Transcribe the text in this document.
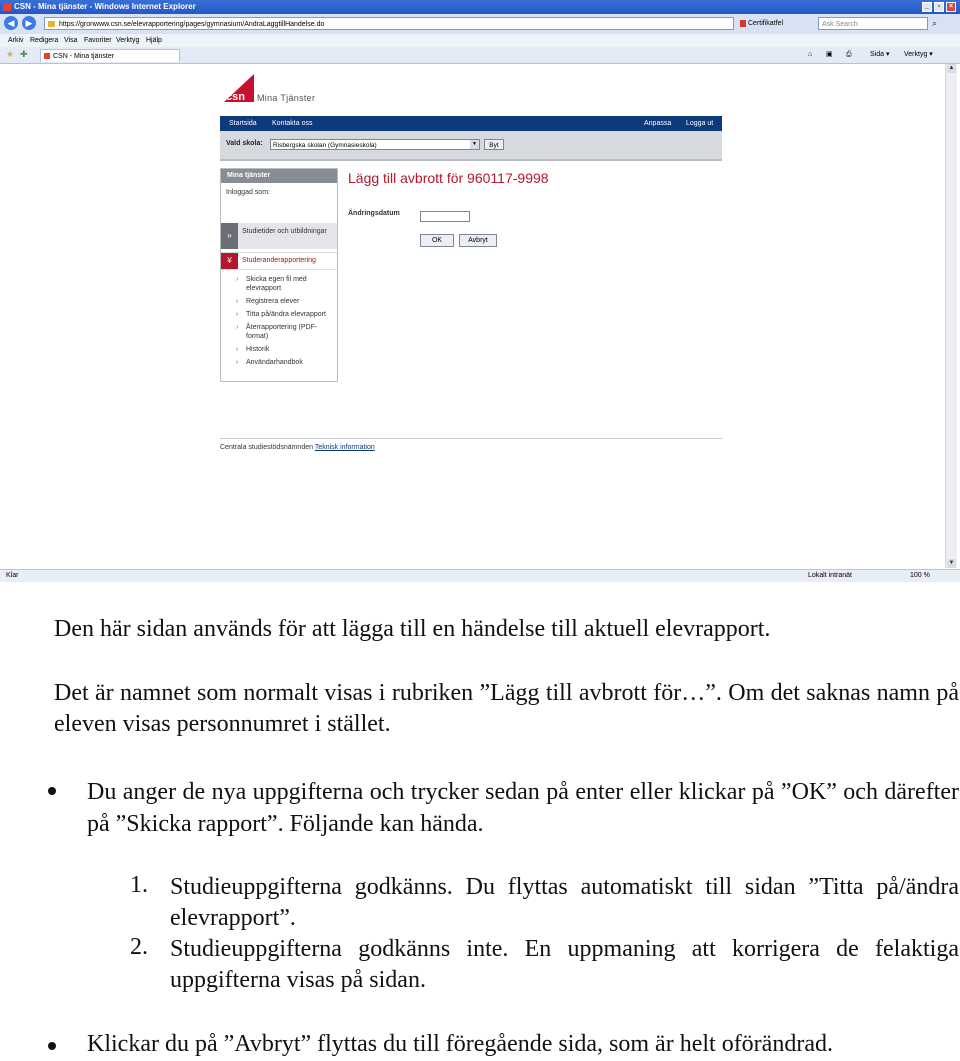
CSN - Mina tjänster - Windows Internet Explorer	_	▫	×
◀	▶	https://gronwww.csn.se/elevrapportering/pages/gymnasium/AndraLaggtillHandelse.do	Certifikatfel	Ask Search	⌕
Arkiv Redigera Visa Favoriter Verktyg Hjälp
★ ✚	CSN - Mina tjänster	⌂ ▣ ⎙	Sida ▾ Verktyg ▾
csn Mina Tjänster
Startsida Kontakta oss	Anpassa Logga ut
Vald skola:	Risbergska skolan (Gymnasieskola)	▼	Byt
Mina tjänster
Inloggad som:
»	Studietider och utbildningar
¥	Studeranderapportering
› Skicka egen fil med elevrapport
› Registrera elever
› Titta på/ändra elevrapport
› Återrapportering (PDF-format)
› Historik
› Användarhandbok
Lägg till avbrott för 960117-9998
Ändringsdatum
OK	Avbryt
Centrala studiestödsnämnden Teknisk information
▲
▼
Klar	Lokalt intranät	100 %
Den här sidan används för att lägga till en händelse till aktuell elevrapport.
Det är namnet som normalt visas i rubriken ”Lägg till avbrott för…”. Om det saknas namn på eleven visas personnumret i stället.
Du anger de nya uppgifterna och trycker sedan på enter eller klickar på ”OK” och därefter på ”Skicka rapport”. Följande kan hända.
1. Studieuppgifterna godkänns. Du flyttas automatiskt till sidan ”Titta på/ändra elevrapport”.
2. Studieuppgifterna godkänns inte. En uppmaning att korrigera de felaktiga uppgifterna visas på sidan.
Klickar du på ”Avbryt” flyttas du till föregående sida, som är helt oförändrad.
